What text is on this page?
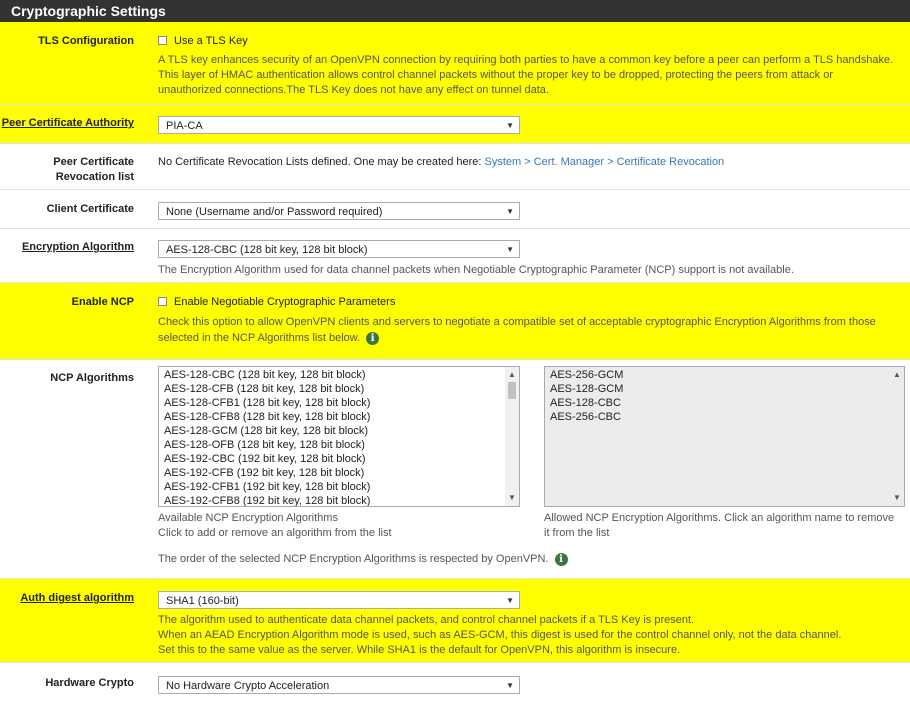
Cryptographic Settings
TLS Configuration	Use a TLS Key
A TLS key enhances security of an OpenVPN connection by requiring both parties to have a common key before a peer can perform a TLS handshake.
This layer of HMAC authentication allows control channel packets without the proper key to be dropped, protecting the peers from attack or
unauthorized connections.The TLS Key does not have any effect on tunnel data.
Peer Certificate Authority	PIA-CA	▼
Peer Certificate
Revocation list
No Certificate Revocation Lists defined. One may be created here: System > Cert. Manager > Certificate Revocation
Client Certificate	None (Username and/or Password required)	▼
Encryption Algorithm	AES-128-CBC (128 bit key, 128 bit block)	▼
The Encryption Algorithm used for data channel packets when Negotiable Cryptographic Parameter (NCP) support is not available.
Enable NCP	Enable Negotiable Cryptographic Parameters
Check this option to allow OpenVPN clients and servers to negotiate a compatible set of acceptable cryptographic Encryption Algorithms from those
selected in the NCP Algorithms list below. i
NCP Algorithms	AES-128-CBC (128 bit key, 128 bit block)
AES-128-CFB (128 bit key, 128 bit block)
AES-128-CFB1 (128 bit key, 128 bit block)
AES-128-CFB8 (128 bit key, 128 bit block)
AES-128-GCM (128 bit key, 128 bit block)
AES-128-OFB (128 bit key, 128 bit block)
AES-192-CBC (192 bit key, 128 bit block)
AES-192-CFB (192 bit key, 128 bit block)
AES-192-CFB1 (192 bit key, 128 bit block)
AES-192-CFB8 (192 bit key, 128 bit block)
▲
▼
AES-256-GCM
AES-128-GCM
AES-128-CBC
AES-256-CBC
▲
▼
Available NCP Encryption Algorithms
Click to add or remove an algorithm from the list
Allowed NCP Encryption Algorithms. Click an algorithm name to remove
it from the list
The order of the selected NCP Encryption Algorithms is respected by OpenVPN. i
Auth digest algorithm	SHA1 (160-bit)	▼
The algorithm used to authenticate data channel packets, and control channel packets if a TLS Key is present.
When an AEAD Encryption Algorithm mode is used, such as AES-GCM, this digest is used for the control channel only, not the data channel.
Set this to the same value as the server. While SHA1 is the default for OpenVPN, this algorithm is insecure.
Hardware Crypto	No Hardware Crypto Acceleration	▼
